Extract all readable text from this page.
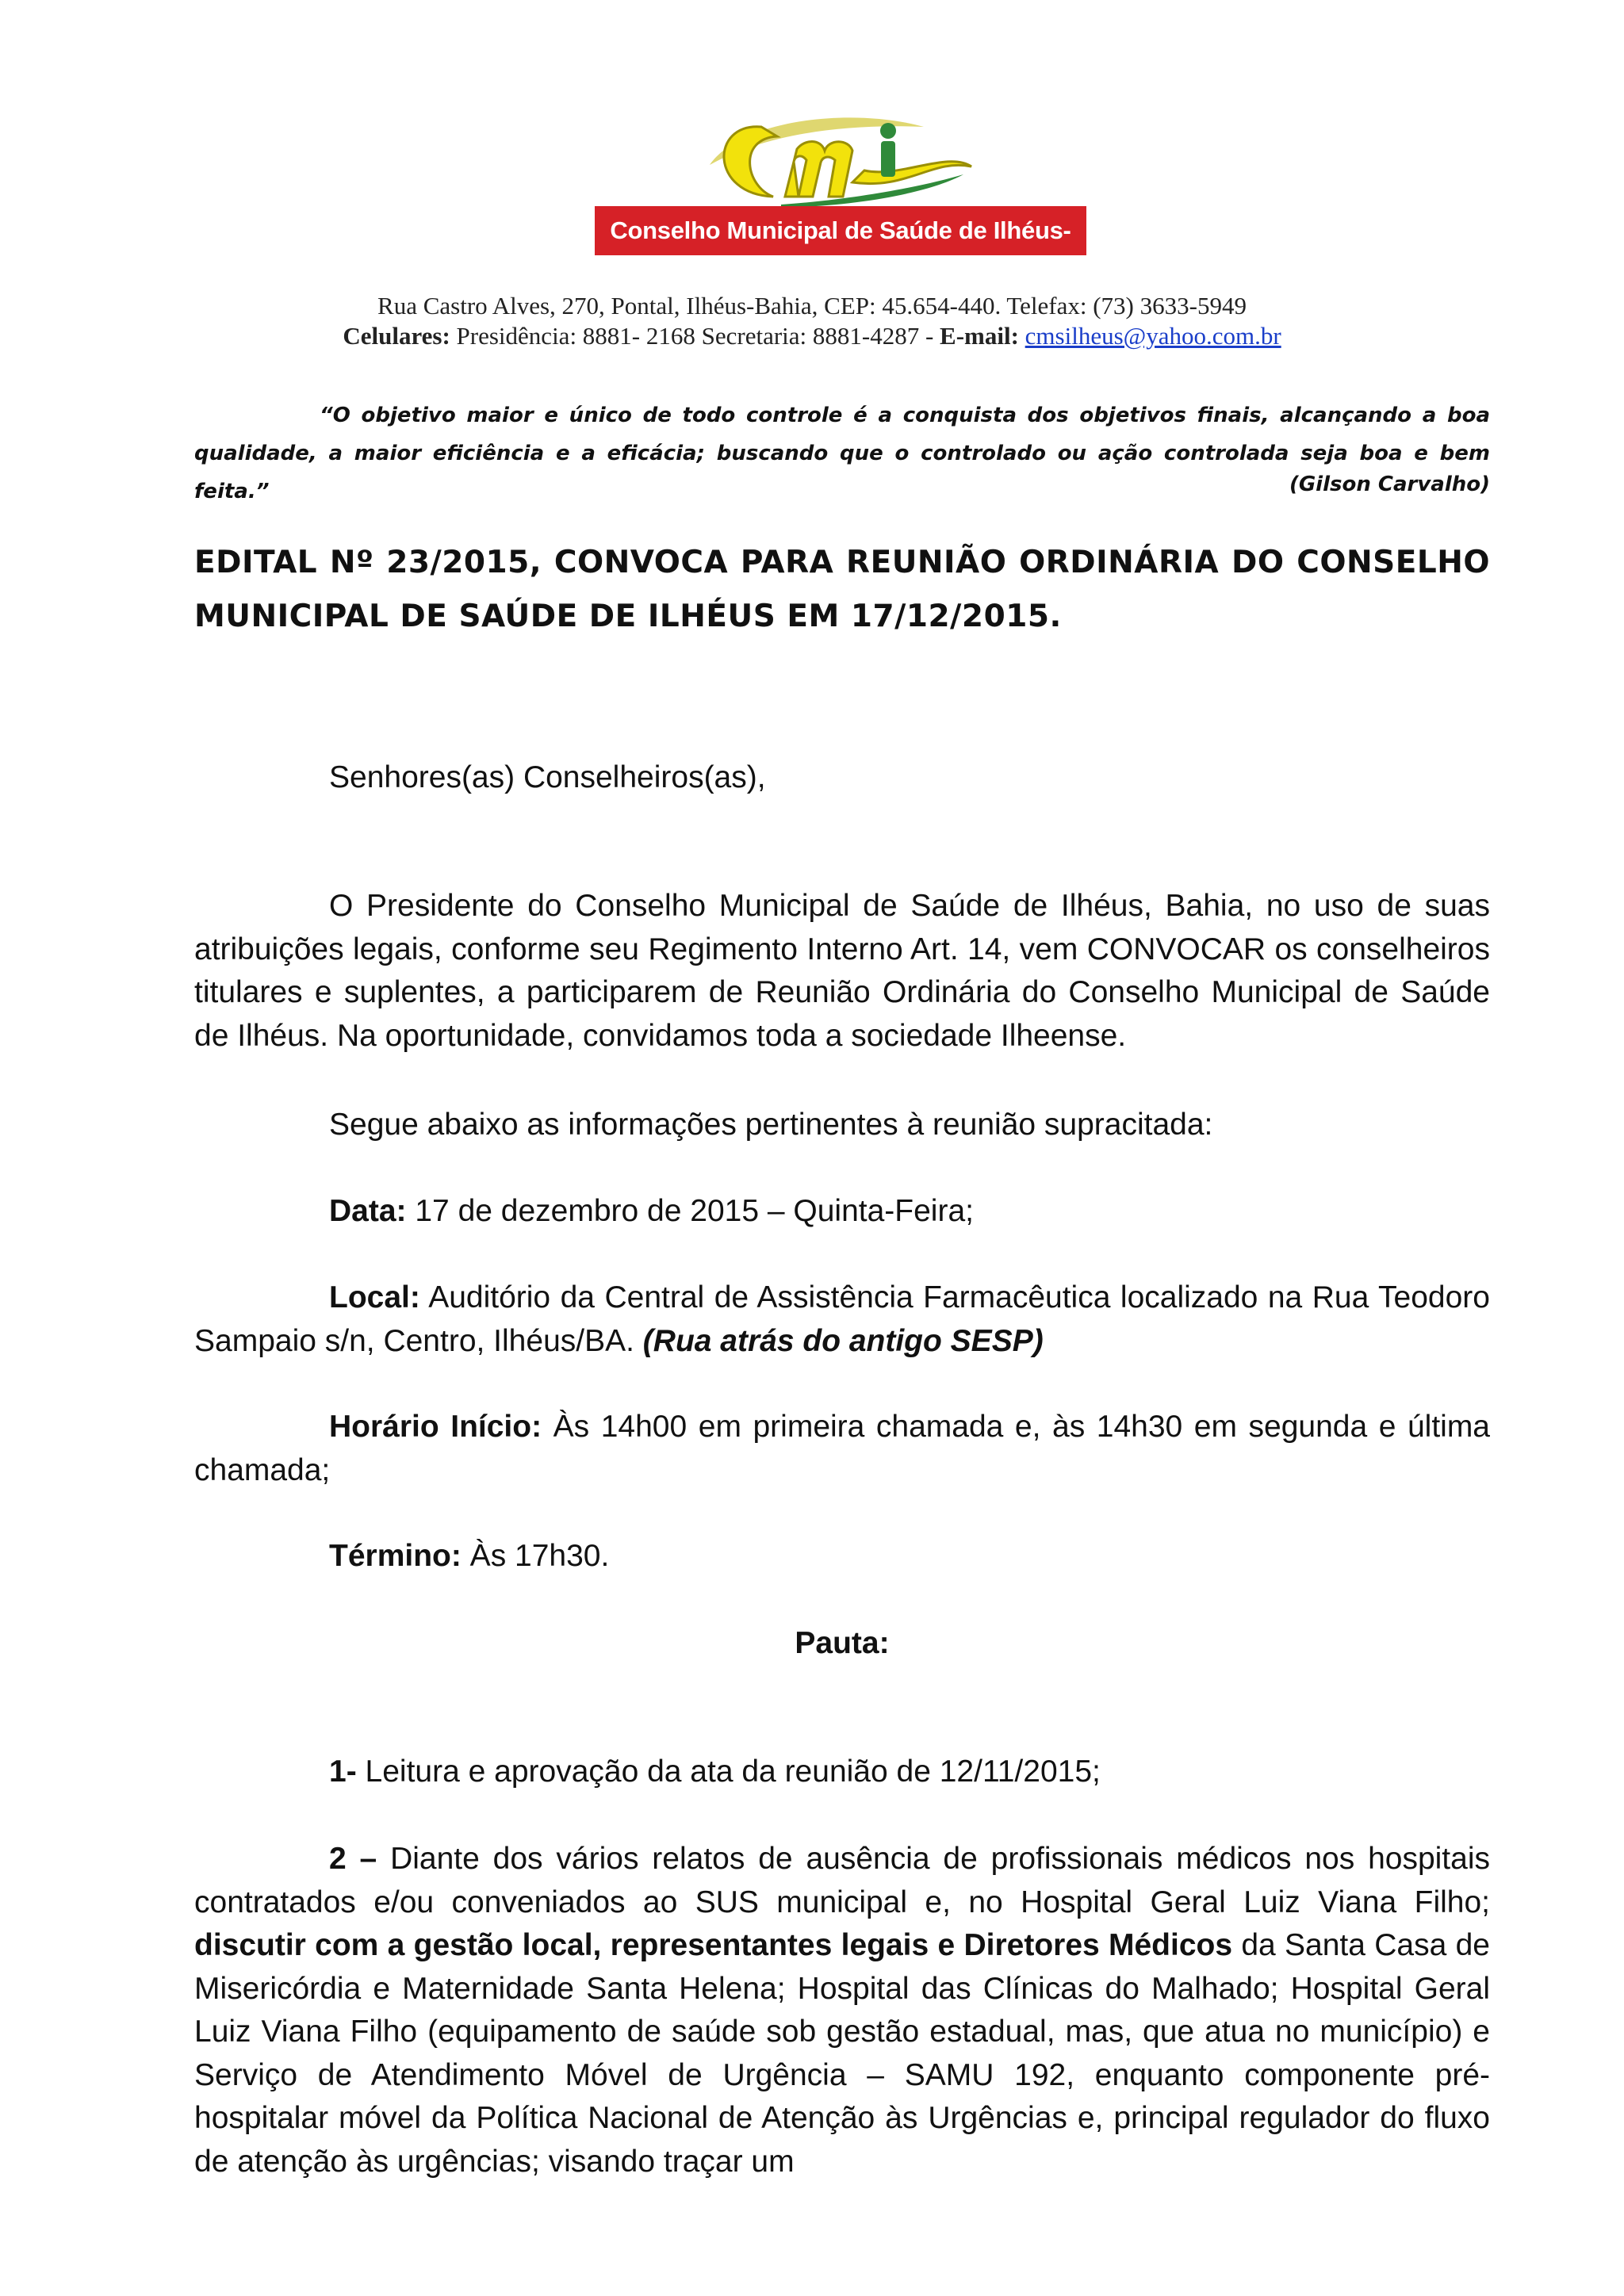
Conselho Municipal de Saúde de Ilhéus-Bahia
Rua Castro Alves, 270, Pontal, Ilhéus-Bahia, CEP: 45.654-440. Telefax: (73) 3633-5949
Celulares: Presidência: 8881- 2168 Secretaria: 8881-4287 - E-mail: cmsilheus@yahoo.com.br
“O objetivo maior e único de todo controle é a conquista dos objetivos finais, alcançando a boa qualidade, a maior eficiência e a eficácia; buscando que o controlado ou ação controlada seja boa e bem feita.”	(Gilson Carvalho)
EDITAL Nº 23/2015, CONVOCA PARA REUNIÃO ORDINÁRIA DO CONSELHO MUNICIPAL DE SAÚDE DE ILHÉUS EM 17/12/2015.
Senhores(as) Conselheiros(as),
O Presidente do Conselho Municipal de Saúde de Ilhéus, Bahia, no uso de suas atribuições legais, conforme seu Regimento Interno Art. 14, vem CONVOCAR os conselheiros titulares e suplentes, a participarem de Reunião Ordinária do Conselho Municipal de Saúde de Ilhéus. Na oportunidade, convidamos toda a sociedade Ilheense.
Segue abaixo as informações pertinentes à reunião supracitada:
Data: 17 de dezembro de 2015 – Quinta-Feira;
Local: Auditório da Central de Assistência Farmacêutica localizado na Rua Teodoro Sampaio s/n, Centro, Ilhéus/BA. (Rua atrás do antigo SESP)
Horário Início: Às 14h00 em primeira chamada e, às 14h30 em segunda e última chamada;
Término: Às 17h30.
Pauta:
1- Leitura e aprovação da ata da reunião de 12/11/2015;
2 – Diante dos vários relatos de ausência de profissionais médicos nos hospitais contratados e/ou conveniados ao SUS municipal e, no Hospital Geral Luiz Viana Filho; discutir com a gestão local, representantes legais e Diretores Médicos da Santa Casa de Misericórdia e Maternidade Santa Helena; Hospital das Clínicas do Malhado; Hospital Geral Luiz Viana Filho (equipamento de saúde sob gestão estadual, mas, que atua no município) e Serviço de Atendimento Móvel de Urgência – SAMU 192, enquanto componente pré-hospitalar móvel da Política Nacional de Atenção às Urgências e, principal regulador do fluxo de atenção às urgências; visando traçar um
